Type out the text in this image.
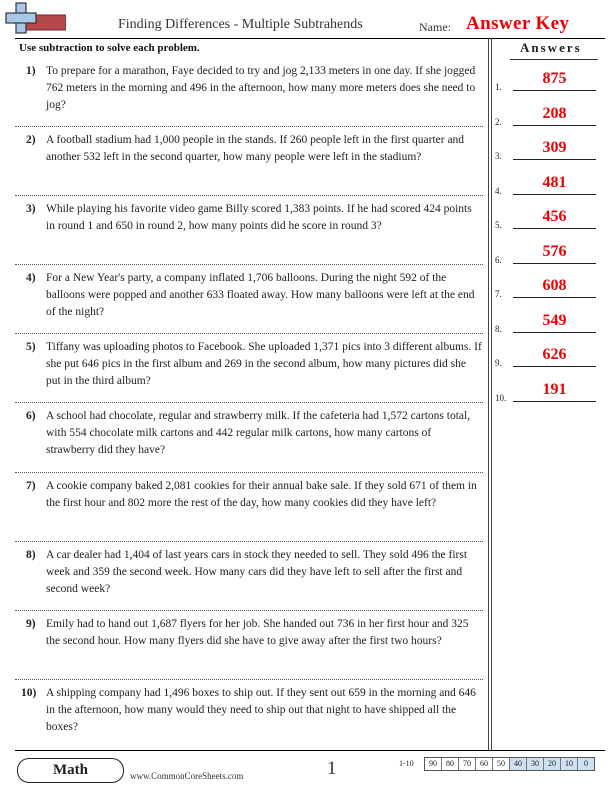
Finding Differences - Multiple Subtrahends	Name: Answer Key
Use subtraction to solve each problem.
1) To prepare for a marathon, Faye decided to try and jog 2,133 meters in one day. If she jogged 762 meters in the morning and 496 in the afternoon, how many more meters does she need to jog?
2) A football stadium had 1,000 people in the stands. If 260 people left in the first quarter and another 532 left in the second quarter, how many people were left in the stadium?
3) While playing his favorite video game Billy scored 1,383 points. If he had scored 424 points in round 1 and 650 in round 2, how many points did he score in round 3?
4) For a New Year's party, a company inflated 1,706 balloons. During the night 592 of the balloons were popped and another 633 floated away. How many balloons were left at the end of the night?
5) Tiffany was uploading photos to Facebook. She uploaded 1,371 pics into 3 different albums. If she put 646 pics in the first album and 269 in the second album, how many pictures did she put in the third album?
6) A school had chocolate, regular and strawberry milk. If the cafeteria had 1,572 cartons total, with 554 chocolate milk cartons and 442 regular milk cartons, how many cartons of strawberry did they have?
7) A cookie company baked 2,081 cookies for their annual bake sale. If they sold 671 of them in the first hour and 802 more the rest of the day, how many cookies did they have left?
8) A car dealer had 1,404 of last years cars in stock they needed to sell. They sold 496 the first week and 359 the second week. How many cars did they have left to sell after the first and second week?
9) Emily had to hand out 1,687 flyers for her job. She handed out 736 in her first hour and 325 the second hour. How many flyers did she have to give away after the first two hours?
10) A shipping company had 1,496 boxes to ship out. If they sent out 659 in the morning and 646 in the afternoon, how many would they need to ship out that night to have shipped all the boxes?
Answers
1.	875
2.	208
3.	309
4.	481
5.	456
6.	576
7.	608
8.	549
9.	626
10.	191
Math	www.CommonCoreSheets.com	1	1-10	90	80	70	60	50	40	30	20	10	0
